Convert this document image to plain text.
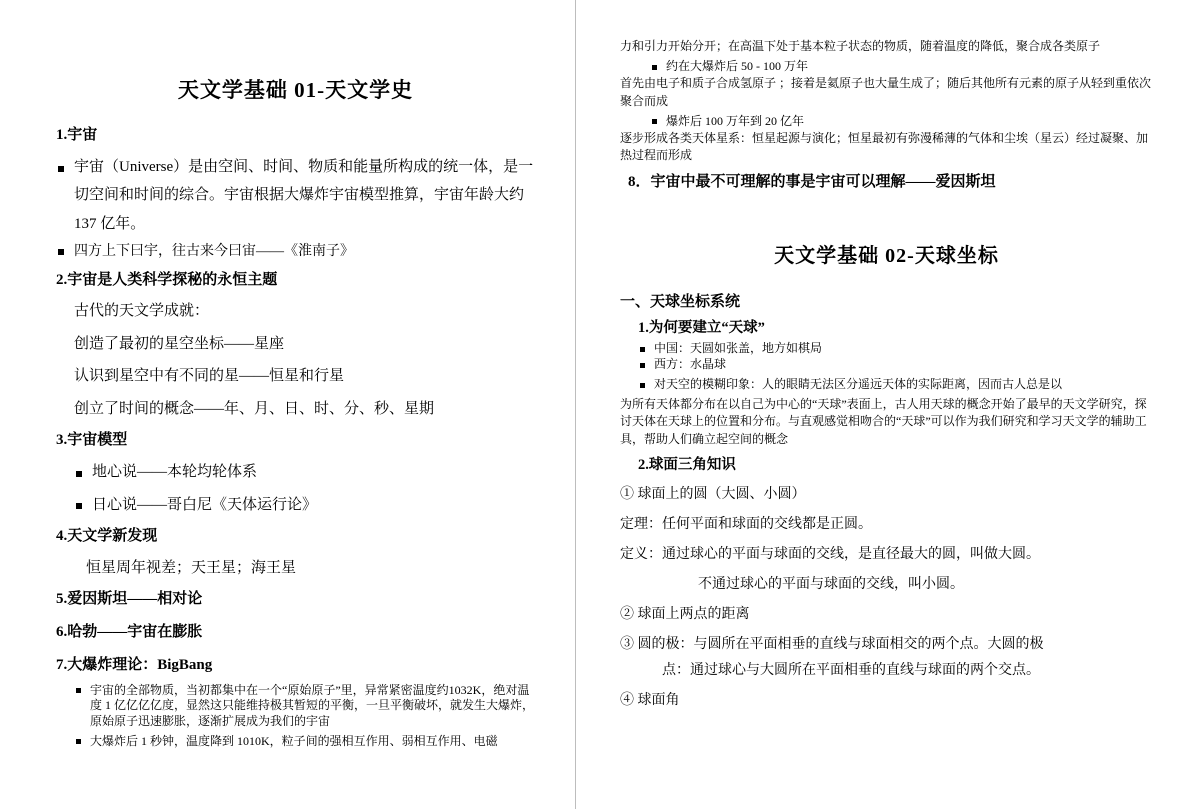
天文学基础 01-天文学史
1.宇宙
宇宙（Universe）是由空间、时间、物质和能量所构成的统一体，是一切空间和时间的综合。宇宙根据大爆炸宇宙模型推算，宇宙年龄大约 137 亿年。
四方上下曰宇，往古来今曰宙——《淮南子》
2.宇宙是人类科学探秘的永恒主题
古代的天文学成就：
创造了最初的星空坐标——星座
认识到星空中有不同的星——恒星和行星
创立了时间的概念——年、月、日、时、分、秒、星期
3.宇宙模型
地心说——本轮均轮体系
日心说——哥白尼《天体运行论》
4.天文学新发现
恒星周年视差；天王星；海王星
5.爱因斯坦——相对论
6.哈勃——宇宙在膨胀
7.大爆炸理论：BigBang
宇宙的全部物质，当初都集中在一个“原始原子”里，异常紧密温度约1032K，绝对温度 1 亿亿亿亿度，显然这只能维持极其暂短的平衡，一旦平衡破坏，就发生大爆炸，原始原子迅速膨胀，逐渐扩展成为我们的宇宙
大爆炸后 1 秒钟，温度降到 1010K，粒子间的强相互作用、弱相互作用、电磁
力和引力开始分开；在高温下处于基本粒子状态的物质，随着温度的降低，聚合成各类原子
约在大爆炸后 50 - 100 万年
首先由电子和质子合成氢原子 ；接着是氦原子也大量生成了；随后其他所有元素的原子从轻到重依次聚合而成
爆炸后 100 万年到 20 亿年
逐步形成各类天体星系：恒星起源与演化；恒星最初有弥漫稀薄的气体和尘埃（星云）经过凝聚、加热过程而形成
8．宇宙中最不可理解的事是宇宙可以理解——爱因斯坦
天文学基础 02-天球坐标
一、天球坐标系统
1.为何要建立“天球”
中国：天圆如张盖，地方如棋局
西方：水晶球
对天空的模糊印象：人的眼睛无法区分遥远天体的实际距离，因而古人总是以
为所有天体都分布在以自己为中心的“天球”表面上，古人用天球的概念开始了最早的天文学研究，探讨天体在天球上的位置和分布。与直观感觉相吻合的“天球”可以作为我们研究和学习天文学的辅助工具，帮助人们确立起空间的概念
2.球面三角知识
① 球面上的圆（大圆、小圆）
定理：任何平面和球面的交线都是正圆。
定义：通过球心的平面与球面的交线，是直径最大的圆，叫做大圆。
不通过球心的平面与球面的交线，叫小圆。
② 球面上两点的距离
③ 圆的极：与圆所在平面相垂的直线与球面相交的两个点。大圆的极
点：通过球心与大圆所在平面相垂的直线与球面的两个交点。
④ 球面角
